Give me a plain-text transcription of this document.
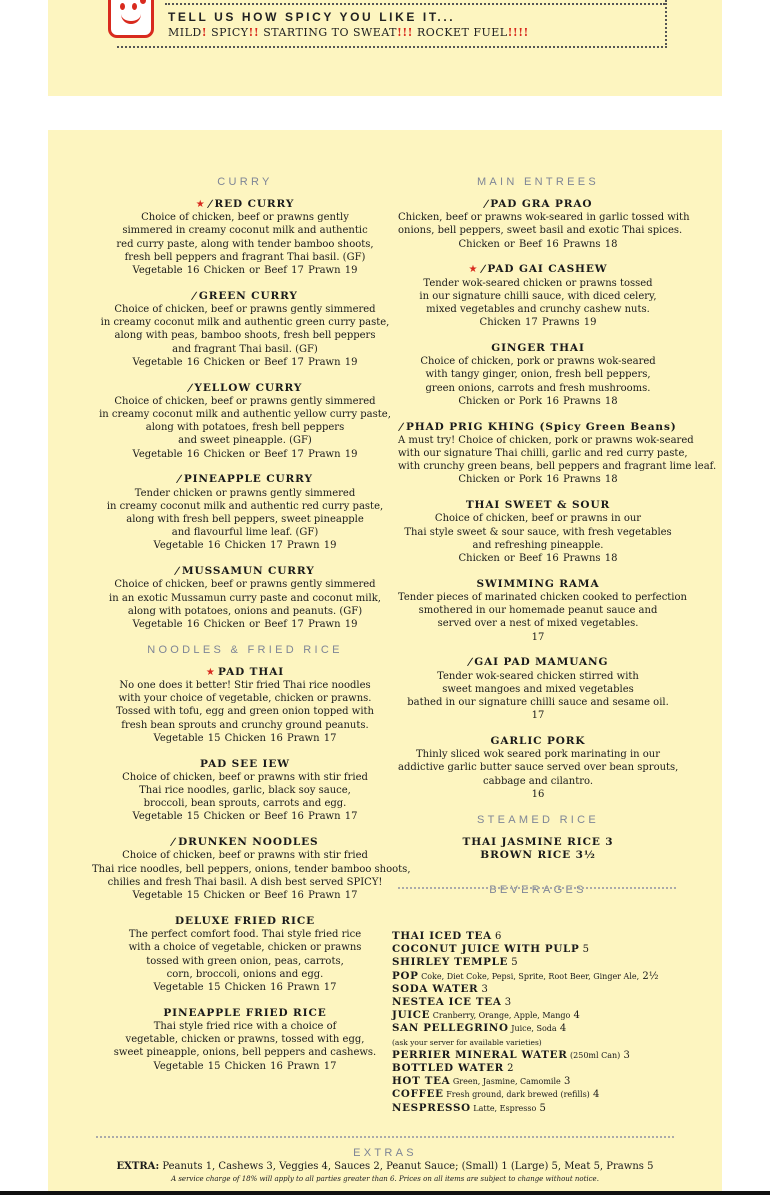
TELL US HOW SPICY YOU LIKE IT...
MILD! SPICY!! STARTING TO SWEAT!!! ROCKET FUEL!!!!
CURRY
★ /RED CURRY
Choice of chicken, beef or prawns gently
simmered in creamy coconut milk and authentic
red curry paste, along with tender bamboo shoots,
fresh bell peppers and fragrant Thai basil. (GF)
Vegetable 16 Chicken or Beef 17 Prawn 19
/GREEN CURRY
Choice of chicken, beef or prawns gently simmered
in creamy coconut milk and authentic green curry paste,
along with peas, bamboo shoots, fresh bell peppers
and fragrant Thai basil. (GF)
Vegetable 16 Chicken or Beef 17 Prawn 19
/YELLOW CURRY
Choice of chicken, beef or prawns gently simmered
in creamy coconut milk and authentic yellow curry paste,
along with potatoes, fresh bell peppers
and sweet pineapple. (GF)
Vegetable 16 Chicken or Beef 17 Prawn 19
/PINEAPPLE CURRY
Tender chicken or prawns gently simmered
in creamy coconut milk and authentic red curry paste,
along with fresh bell peppers, sweet pineapple
and flavourful lime leaf. (GF)
Vegetable 16 Chicken 17 Prawn 19
/MUSSAMUN CURRY
Choice of chicken, beef or prawns gently simmered
in an exotic Mussamun curry paste and coconut milk,
along with potatoes, onions and peanuts. (GF)
Vegetable 16 Chicken or Beef 17 Prawn 19
NOODLES & FRIED RICE
★ PAD THAI
No one does it better! Stir fried Thai rice noodles
with your choice of vegetable, chicken or prawns.
Tossed with tofu, egg and green onion topped with
fresh bean sprouts and crunchy ground peanuts.
Vegetable 15 Chicken 16 Prawn 17
PAD SEE IEW
Choice of chicken, beef or prawns with stir fried
Thai rice noodles, garlic, black soy sauce,
broccoli, bean sprouts, carrots and egg.
Vegetable 15 Chicken or Beef 16 Prawn 17
/DRUNKEN NOODLES
Choice of chicken, beef or prawns with stir fried
Thai rice noodles, bell peppers, onions, tender bamboo shoots,
chilies and fresh Thai basil. A dish best served SPICY!
Vegetable 15 Chicken or Beef 16 Prawn 17
DELUXE FRIED RICE
The perfect comfort food. Thai style fried rice
with a choice of vegetable, chicken or prawns
tossed with green onion, peas, carrots,
corn, broccoli, onions and egg.
Vegetable 15 Chicken 16 Prawn 17
PINEAPPLE FRIED RICE
Thai style fried rice with a choice of
vegetable, chicken or prawns, tossed with egg,
sweet pineapple, onions, bell peppers and cashews.
Vegetable 15 Chicken 16 Prawn 17
MAIN ENTREES
/PAD GRA PRAO
Chicken, beef or prawns wok-seared in garlic tossed with
onions, bell peppers, sweet basil and exotic Thai spices.
Chicken or Beef 16 Prawns 18
★ /PAD GAI CASHEW
Tender wok-seared chicken or prawns tossed
in our signature chilli sauce, with diced celery,
mixed vegetables and crunchy cashew nuts.
Chicken 17 Prawns 19
GINGER THAI
Choice of chicken, pork or prawns wok-seared
with tangy ginger, onion, fresh bell peppers,
green onions, carrots and fresh mushrooms.
Chicken or Pork 16 Prawns 18
/PHAD PRIG KHING (Spicy Green Beans)
A must try! Choice of chicken, pork or prawns wok-seared
with our signature Thai chilli, garlic and red curry paste,
with crunchy green beans, bell peppers and fragrant lime leaf.
Chicken or Pork 16 Prawns 18
THAI SWEET & SOUR
Choice of chicken, beef or prawns in our
Thai style sweet & sour sauce, with fresh vegetables
and refreshing pineapple.
Chicken or Beef 16 Prawns 18
SWIMMING RAMA
Tender pieces of marinated chicken cooked to perfection
smothered in our homemade peanut sauce and
served over a nest of mixed vegetables.
17
/GAI PAD MAMUANG
Tender wok-seared chicken stirred with
sweet mangoes and mixed vegetables
bathed in our signature chilli sauce and sesame oil.
17
GARLIC PORK
Thinly sliced wok seared pork marinating in our
addictive garlic butter sauce served over bean sprouts,
cabbage and cilantro.
16
STEAMED RICE
THAI JASMINE RICE 3
BROWN RICE 3½
BEVERAGES
THAI ICED TEA 6
COCONUT JUICE WITH PULP 5
SHIRLEY TEMPLE 5
POP Coke, Diet Coke, Pepsi, Sprite, Root Beer, Ginger Ale, 2½
SODA WATER 3
NESTEA ICE TEA 3
JUICE Cranberry, Orange, Apple, Mango 4
SAN PELLEGRINO Juice, Soda 4
(ask your server for available varieties)
PERRIER MINERAL WATER (250ml Can) 3
BOTTLED WATER 2
HOT TEA Green, Jasmine, Camomile 3
COFFEE Fresh ground, dark brewed (refills) 4
NESPRESSO Latte, Espresso 5
EXTRAS
EXTRA: Peanuts 1, Cashews 3, Veggies 4, Sauces 2, Peanut Sauce; (Small) 1 (Large) 5, Meat 5, Prawns 5
A service charge of 18% will apply to all parties greater than 6. Prices on all items are subject to change without notice.
